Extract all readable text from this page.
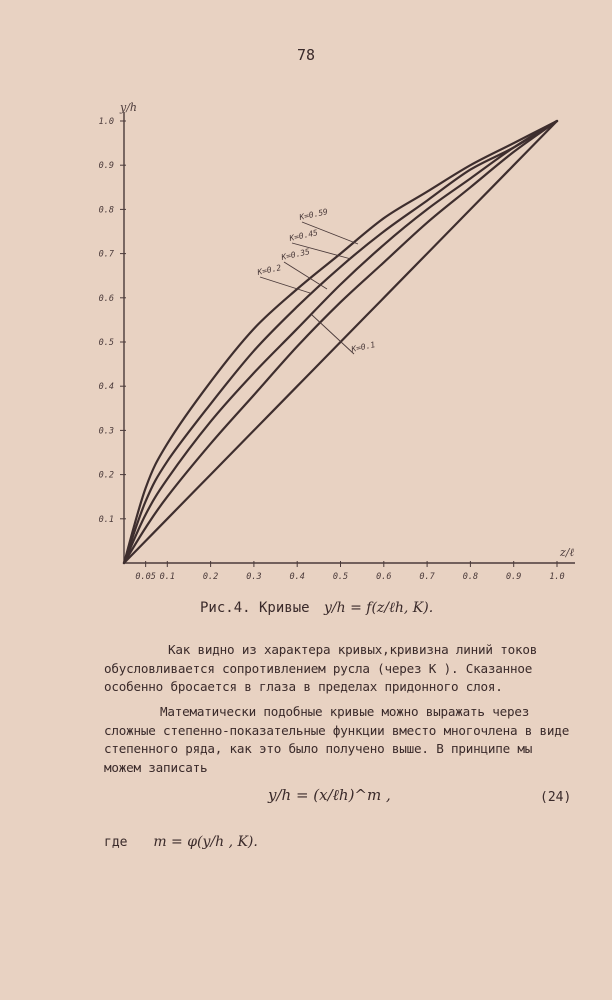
78
0.1
0.2
0.3
0.4
0.5
0.6
0.7
0.8
0.9
1.0
0.05 0.1	0.2	0.3	0.4	0.5	0.6	0.7	0.8	0.9	1.0
y/h
z/ℓ
K=0.59
K=0.45
K=0.35
K=0.2
K=0.1
Рис.4. Кривые y/h = f(z/ℓh, K).
Как видно из характера кривых,кривизна линий токов обусловливается сопротивлением русла (через K ). Сказанное особенно бросается в глаза в пределах придонного слоя.
Математически подобные кривые можно выражать через сложные степенно-показательные функции вместо многочлена в виде степенного ряда, как это было получено выше. В принципе мы можем записать
y/h = (x/ℓh)^m ,	(24)
где m = φ(y/h , K).
